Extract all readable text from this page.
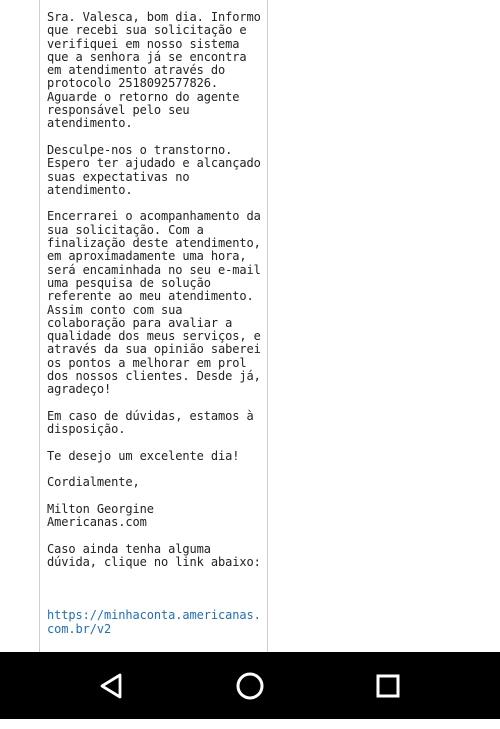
Sra. Valesca, bom dia. Informo
que recebi sua solicitação e
verifiquei em nosso sistema
que a senhora já se encontra
em atendimento através do
protocolo 2518092577826.
Aguarde o retorno do agente
responsável pelo seu
atendimento.

Desculpe-nos o transtorno.
Espero ter ajudado e alcançado
suas expectativas no
atendimento.

Encerrarei o acompanhamento da
sua solicitação. Com a
finalização deste atendimento,
em aproximadamente uma hora,
será encaminhada no seu e-mail
uma pesquisa de solução
referente ao meu atendimento.
Assim conto com sua
colaboração para avaliar a
qualidade dos meus serviços, e
através da sua opinião saberei
os pontos a melhorar em prol
dos nossos clientes. Desde já,
agradeço!

Em caso de dúvidas, estamos à
disposição.

Te desejo um excelente dia!

Cordialmente,

Milton Georgine
Americanas.com

Caso ainda tenha alguma
dúvida, clique no link abaixo:

https://minhaconta.americanas.
com.br/v2
